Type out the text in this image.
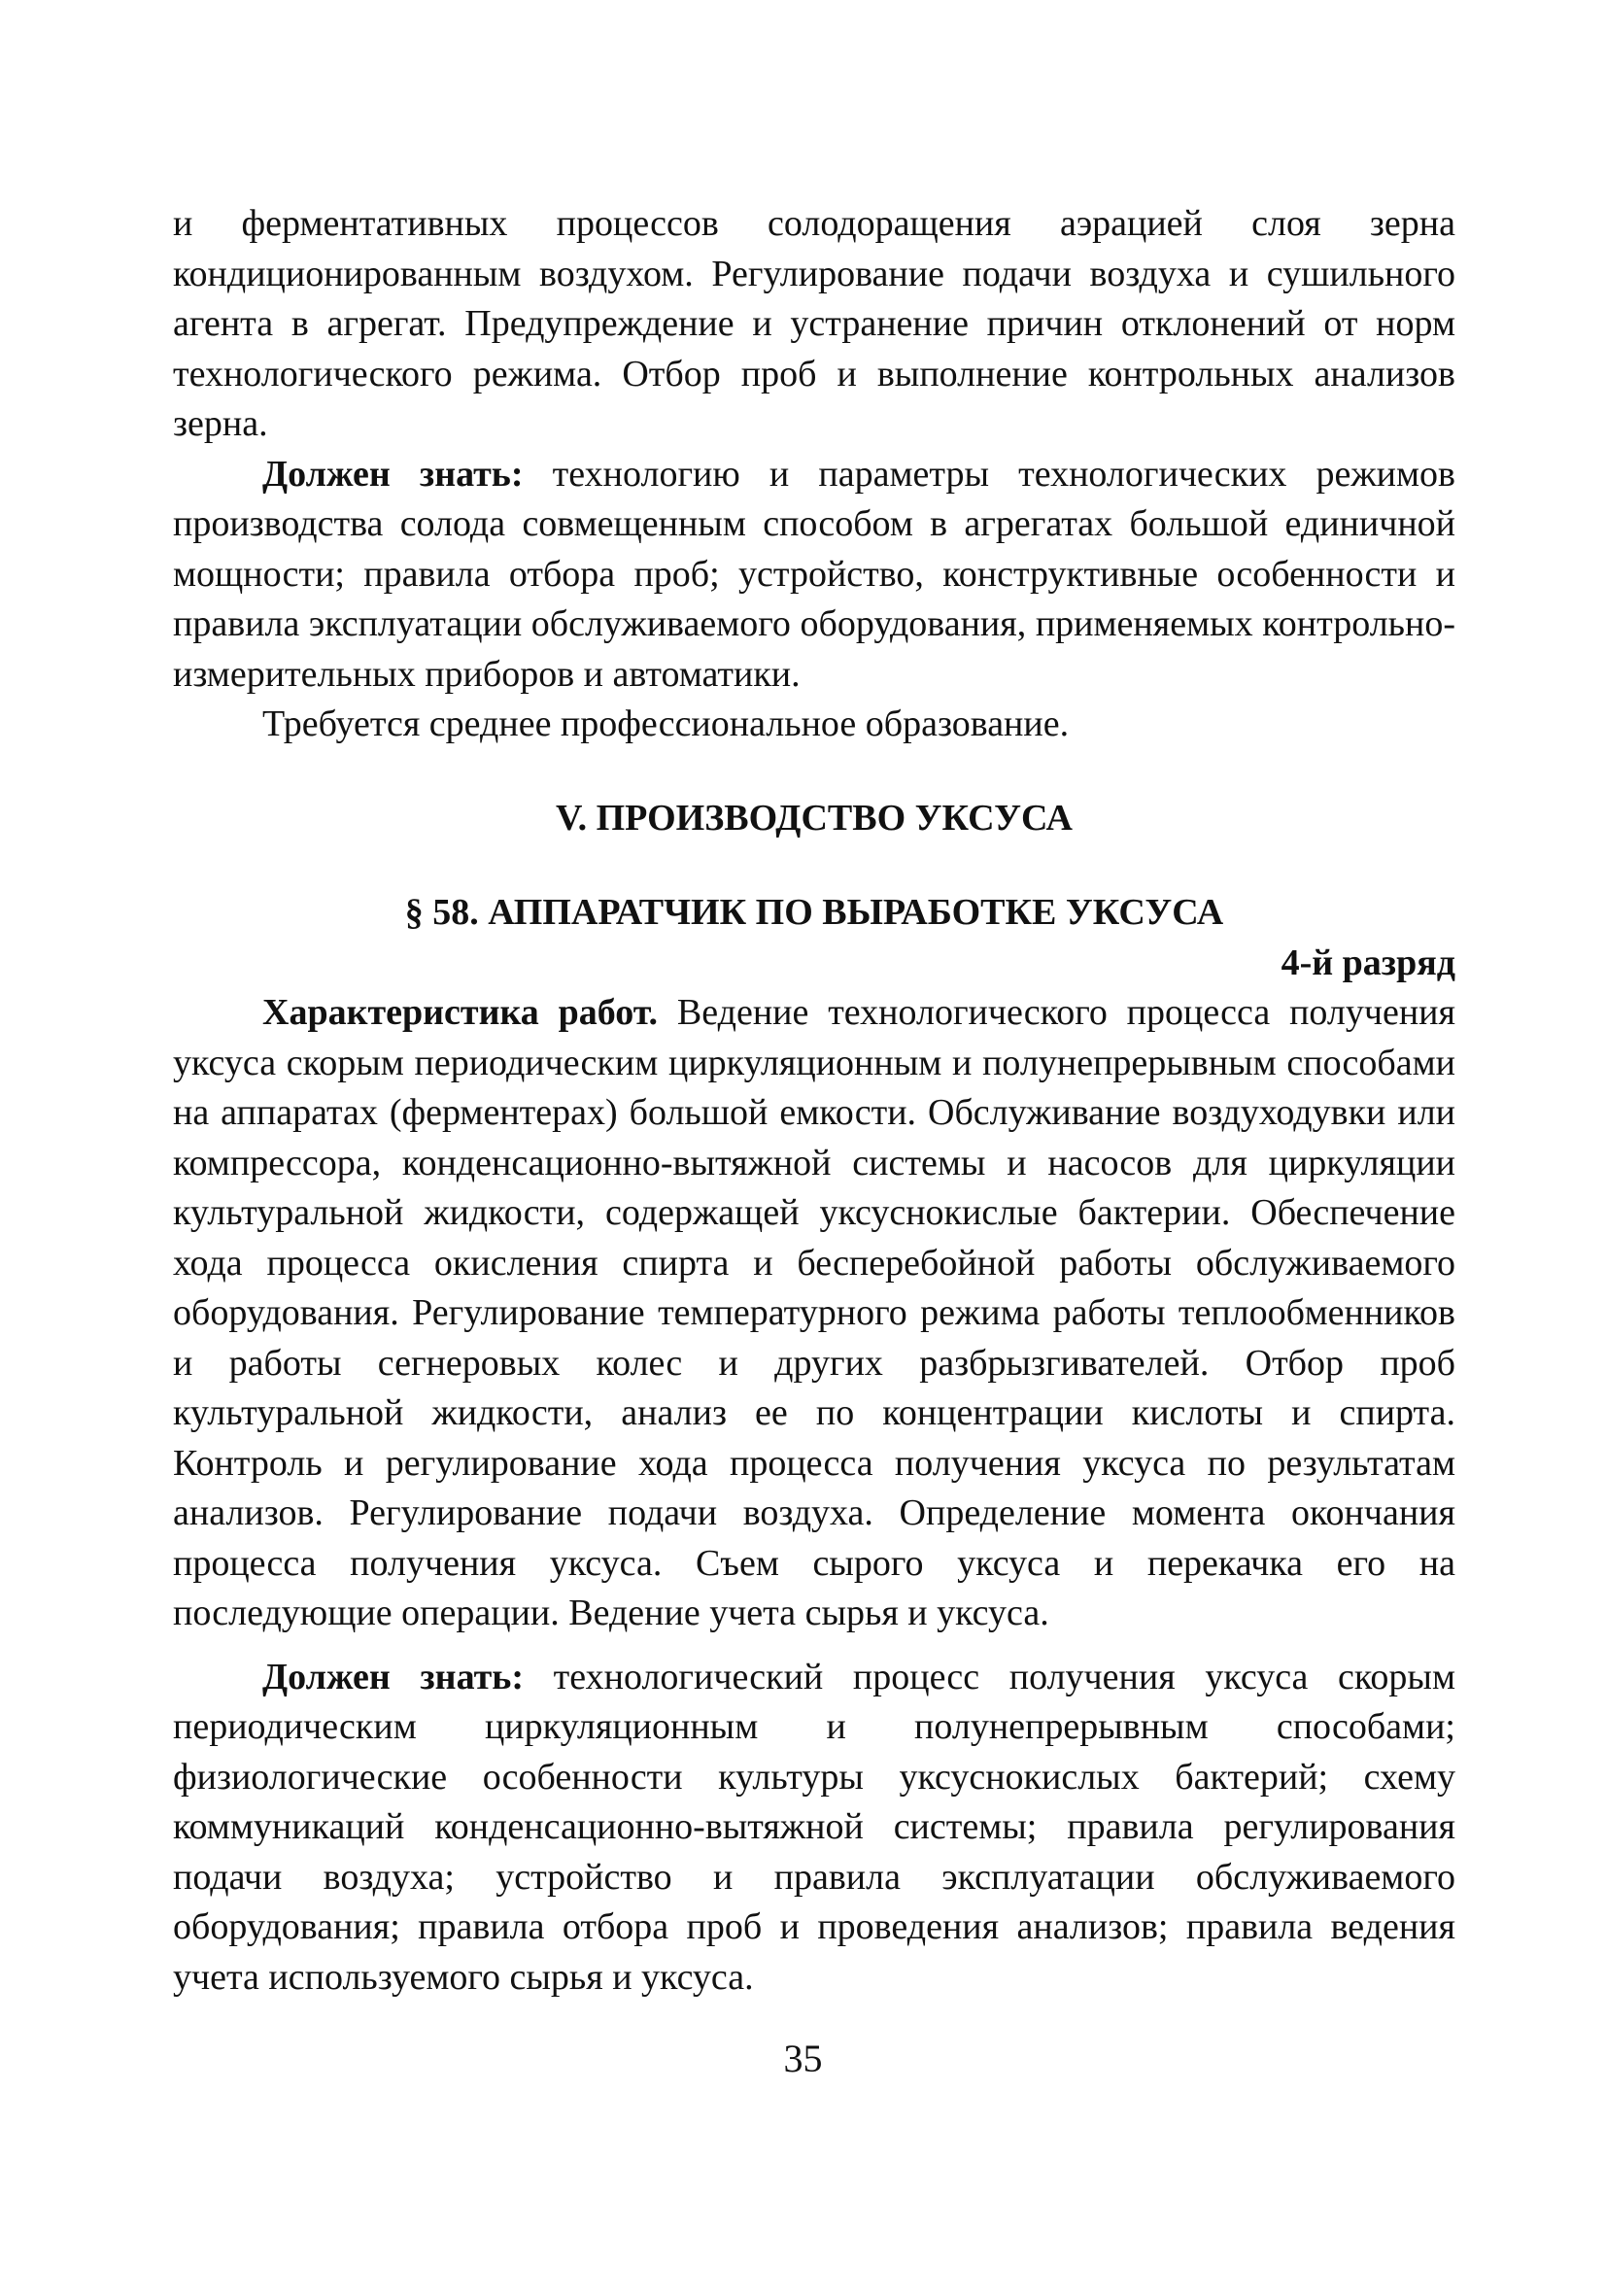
и ферментативных процессов солодоращения аэрацией слоя зерна кондиционированным воздухом. Регулирование подачи воздуха и сушильного агента в агрегат. Предупреждение и устранение причин отклонений от норм технологического режима. Отбор проб и выполнение контрольных анализов зерна.

Должен знать: технологию и параметры технологических режимов производства солода совмещенным способом в агрегатах большой единичной мощности; правила отбора проб; устройство, конструктивные особенности и правила эксплуатации обслуживаемого оборудования, применяемых контрольно-измерительных приборов и автоматики.

Требуется среднее профессиональное образование.

V. ПРОИЗВОДСТВО УКСУСА

§ 58. АППАРАТЧИК ПО ВЫРАБОТКЕ УКСУСА

4-й разряд

Характеристика работ. Ведение технологического процесса получения уксуса скорым периодическим циркуляционным и полунепрерывным способами на аппаратах (ферментерах) большой емкости. Обслуживание воздуходувки или компрессора, конденсационно-вытяжной системы и насосов для циркуляции культуральной жидкости, содержащей уксуснокислые бактерии. Обеспечение хода процесса окисления спирта и бесперебойной работы обслуживаемого оборудования. Регулирование температурного режима работы теплообменников и работы сегнеровых колес и других разбрызгивателей. Отбор проб культуральной жидкости, анализ ее по концентрации кислоты и спирта. Контроль и регулирование хода процесса получения уксуса по результатам анализов. Регулирование подачи воздуха. Определение момента окончания процесса получения уксуса. Съем сырого уксуса и перекачка его на последующие операции. Ведение учета сырья и уксуса.

Должен знать: технологический процесс получения уксуса скорым периодическим циркуляционным и полунепрерывным способами; физиологические особенности культуры уксуснокислых бактерий; схему коммуникаций конденсационно-вытяжной системы; правила регулирования подачи воздуха; устройство и правила эксплуатации обслуживаемого оборудования; правила отбора проб и проведения анализов; правила ведения учета используемого сырья и уксуса.

35
